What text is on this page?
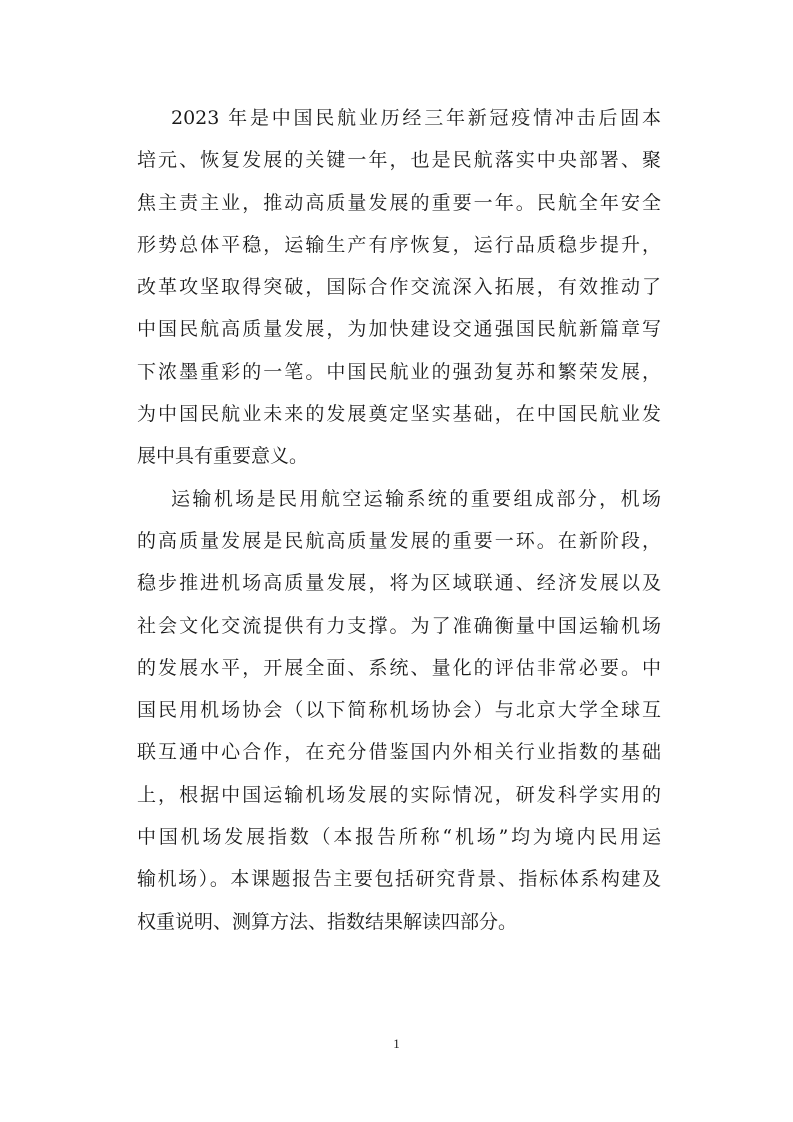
2023 年是中国民航业历经三年新冠疫情冲击后固本
培元、恢复发展的关键一年，也是民航落实中央部署、聚
焦主责主业，推动高质量发展的重要一年。民航全年安全
形势总体平稳，运输生产有序恢复，运行品质稳步提升，
改革攻坚取得突破，国际合作交流深入拓展，有效推动了
中国民航高质量发展，为加快建设交通强国民航新篇章写
下浓墨重彩的一笔。中国民航业的强劲复苏和繁荣发展，
为中国民航业未来的发展奠定坚实基础，在中国民航业发
展中具有重要意义。
运输机场是民用航空运输系统的重要组成部分，机场
的高质量发展是民航高质量发展的重要一环。在新阶段，
稳步推进机场高质量发展，将为区域联通、经济发展以及
社会文化交流提供有力支撑。为了准确衡量中国运输机场
的发展水平，开展全面、系统、量化的评估非常必要。中
国民用机场协会（以下简称机场协会）与北京大学全球互
联互通中心合作，在充分借鉴国内外相关行业指数的基础
上，根据中国运输机场发展的实际情况，研发科学实用的
中国机场发展指数（本报告所称“机场”均为境内民用运
输机场）。本课题报告主要包括研究背景、指标体系构建及
权重说明、测算方法、指数结果解读四部分。
1
